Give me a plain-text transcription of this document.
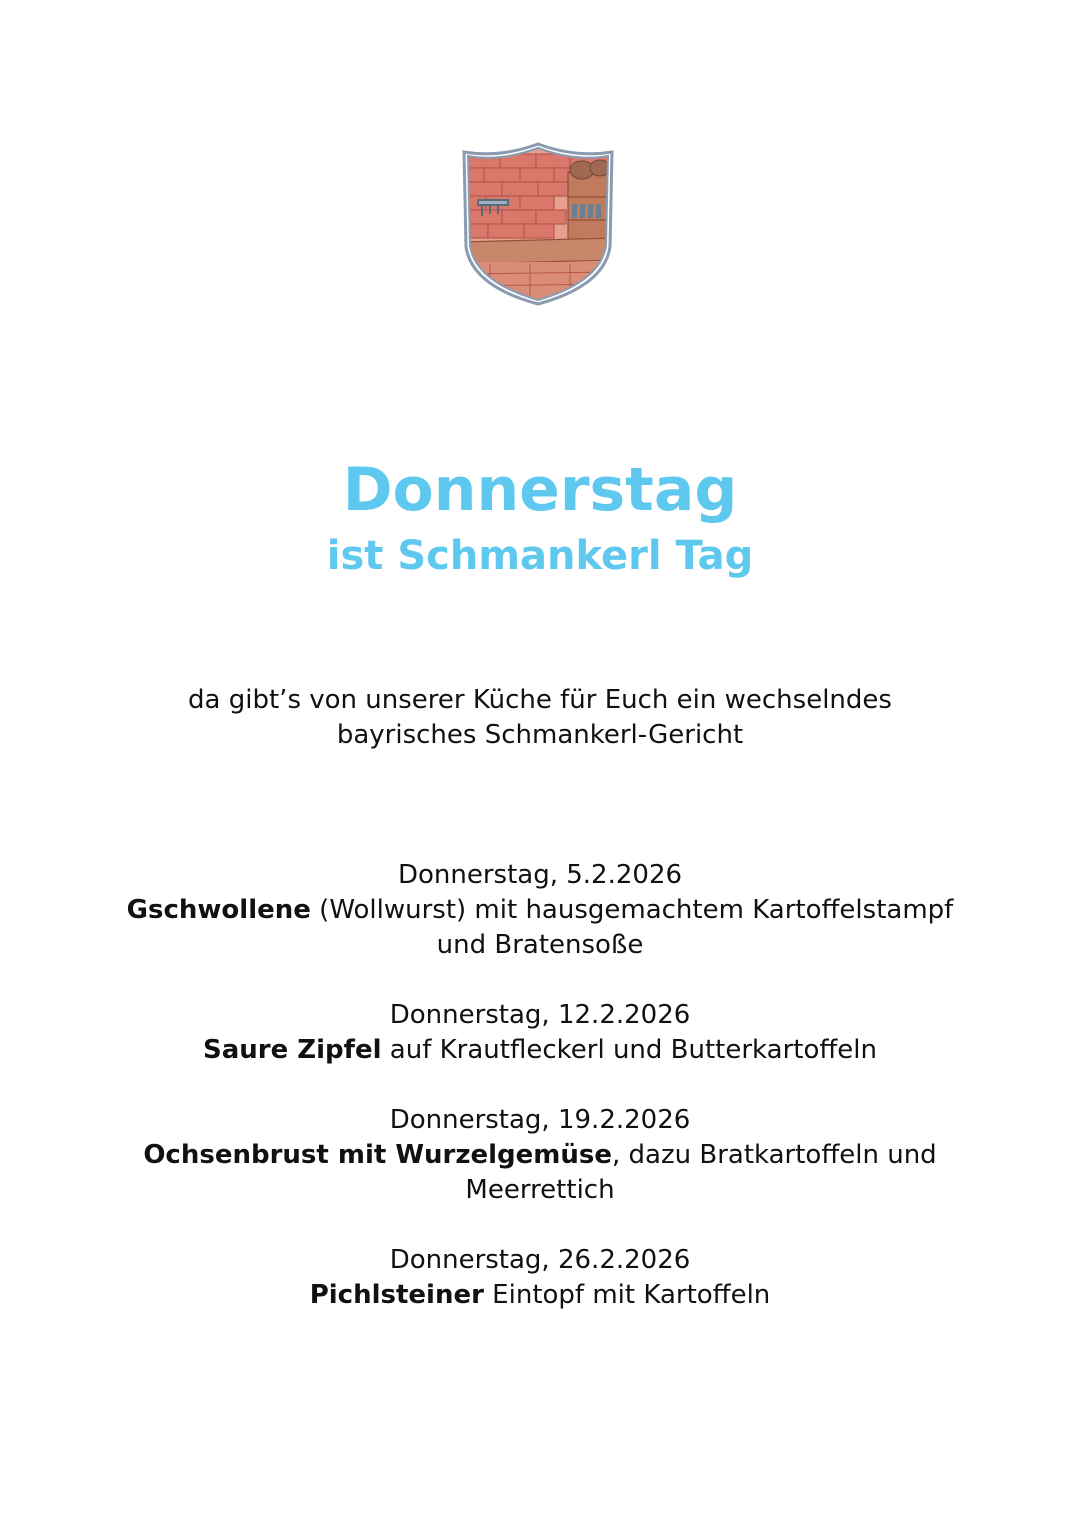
Donnerstag
ist Schmankerl Tag
da gibt’s von unserer Küche für Euch ein wechselndes
bayrisches Schmankerl-Gericht
Donnerstag, 5.2.2026
Gschwollene (Wollwurst) mit hausgemachtem Kartoffelstampf und Bratensoße
Donnerstag, 12.2.2026
Saure Zipfel auf Krautfleckerl und Butterkartoffeln
Donnerstag, 19.2.2026
Ochsenbrust mit Wurzelgemüse, dazu Bratkartoffeln und Meerrettich
Donnerstag, 26.2.2026
Pichlsteiner Eintopf mit Kartoffeln
